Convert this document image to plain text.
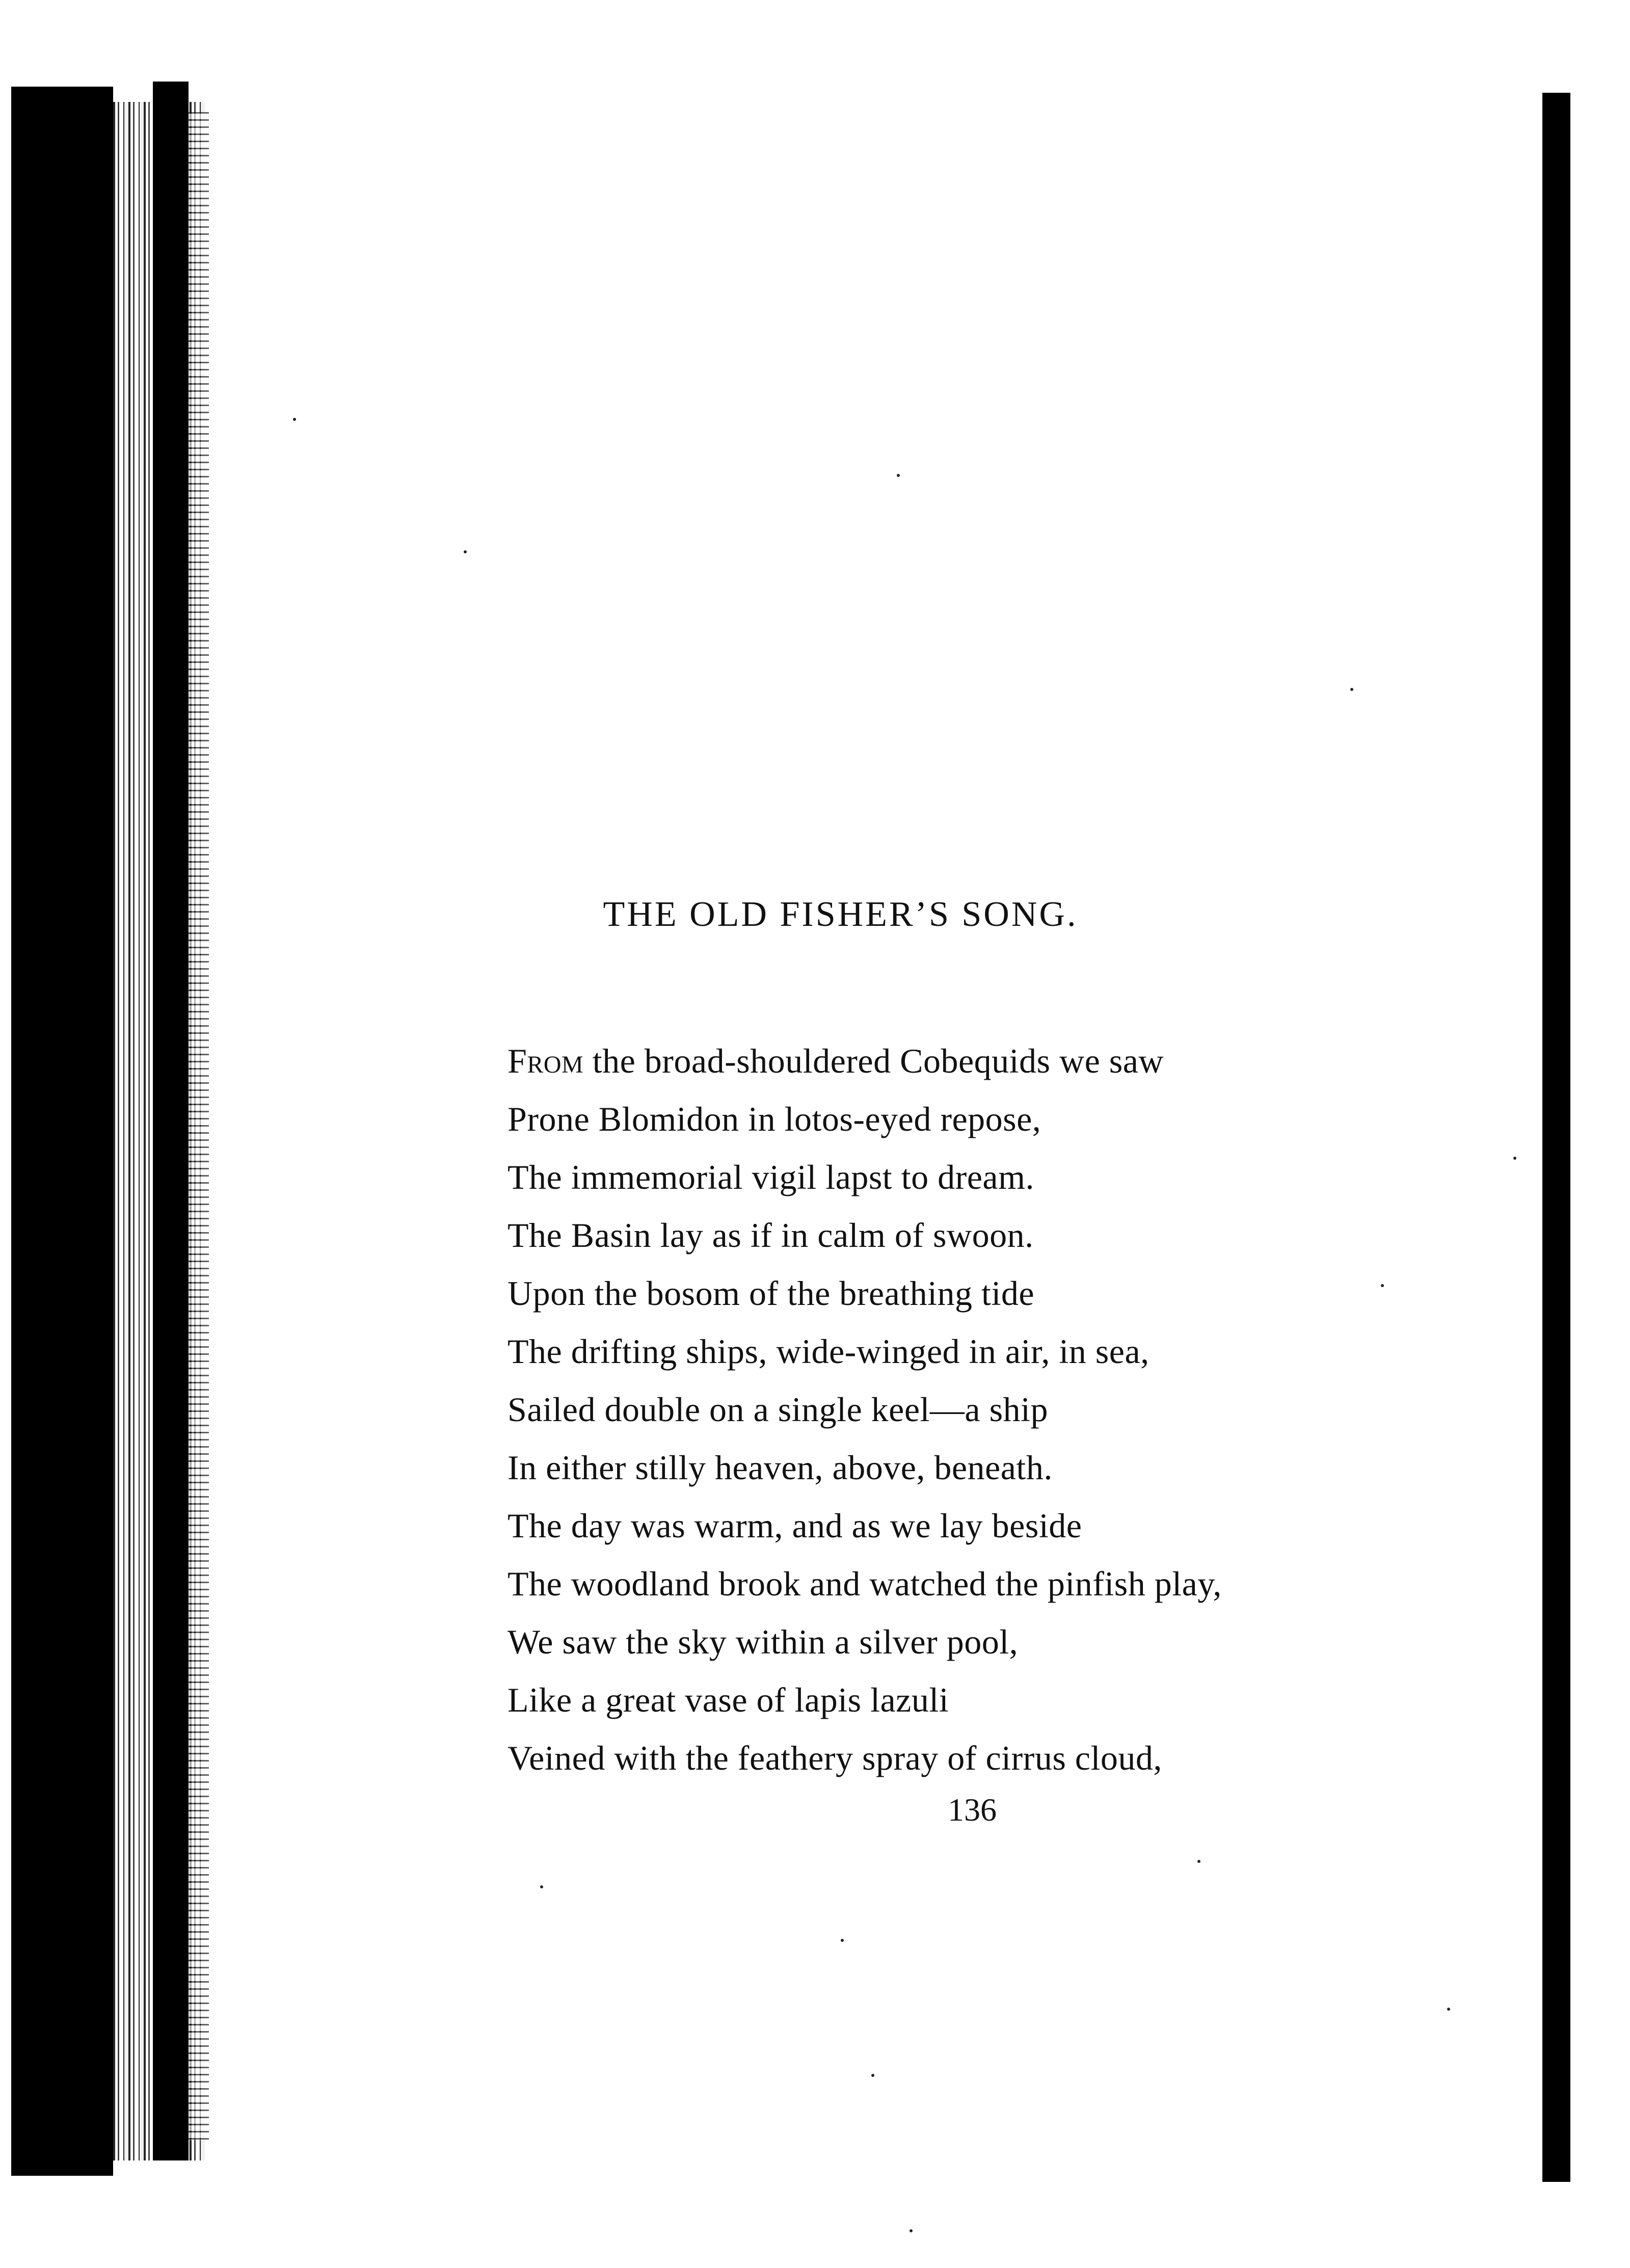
THE OLD FISHER’S SONG.
From the broad-shouldered Cobequids we saw
Prone Blomidon in lotos-eyed repose,
The immemorial vigil lapst to dream.
The Basin lay as if in calm of swoon.
Upon the bosom of the breathing tide
The drifting ships, wide-winged in air, in sea,
Sailed double on a single keel—a ship
In either stilly heaven, above, beneath.
The day was warm, and as we lay beside
The woodland brook and watched the pinfish play,
We saw the sky within a silver pool,
Like a great vase of lapis lazuli
Veined with the feathery spray of cirrus cloud,
136
